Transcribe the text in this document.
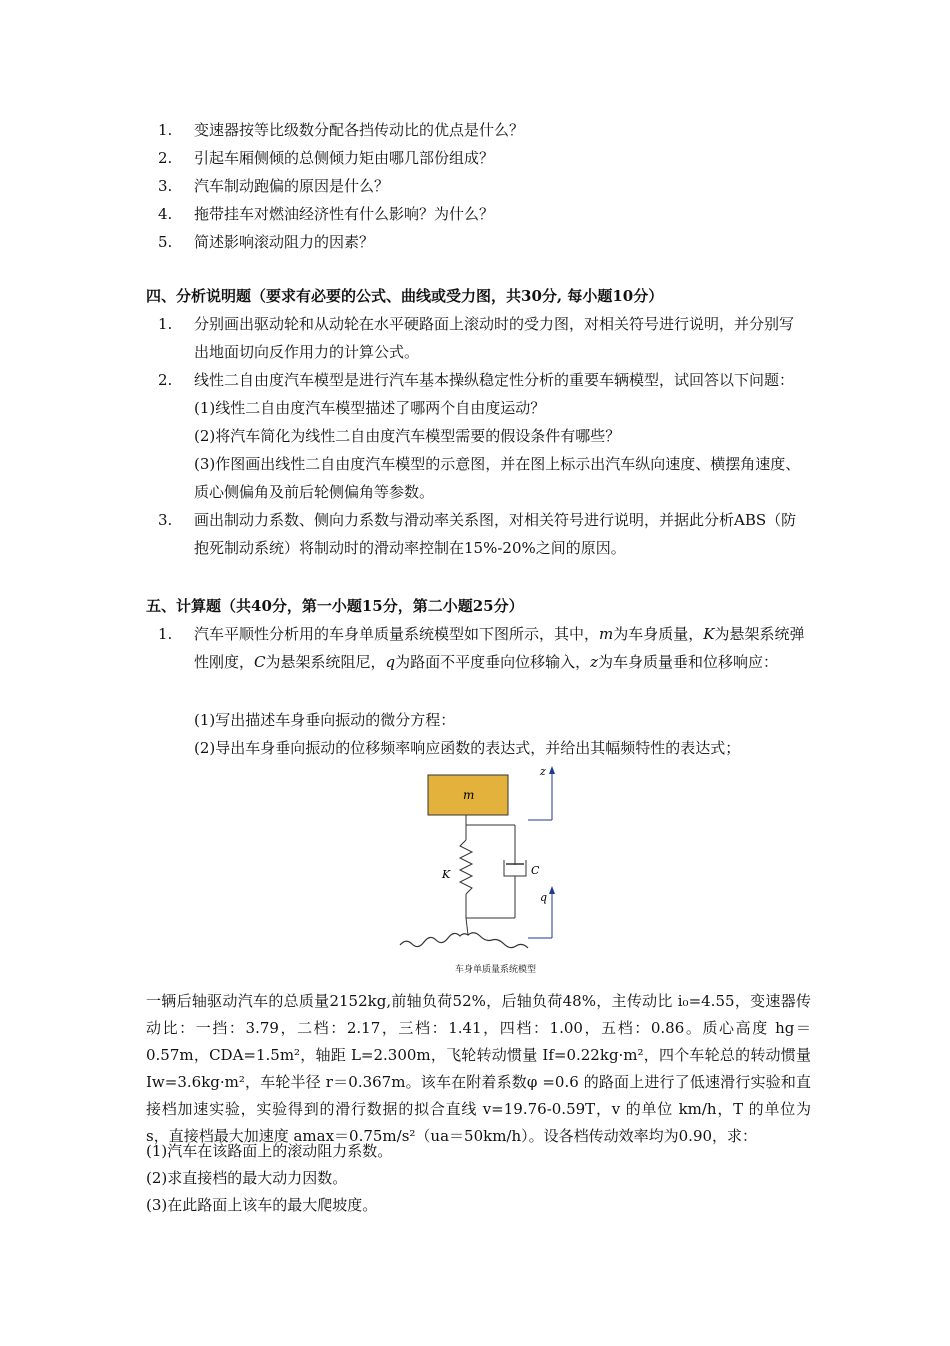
1.	变速器按等比级数分配各挡传动比的优点是什么？
2.	引起车厢侧倾的总侧倾力矩由哪几部份组成？
3.	汽车制动跑偏的原因是什么？
4.	拖带挂车对燃油经济性有什么影响？为什么？
5.	简述影响滚动阻力的因素？
四、分析说明题（要求有必要的公式、曲线或受力图，共30分, 每小题10分）
1.	分别画出驱动轮和从动轮在水平硬路面上滚动时的受力图，对相关符号进行说明，并分别写出地面切向反作用力的计算公式。
2.	线性二自由度汽车模型是进行汽车基本操纵稳定性分析的重要车辆模型，试回答以下问题：(1)线性二自由度汽车模型描述了哪两个自由度运动？
(2)将汽车简化为线性二自由度汽车模型需要的假设条件有哪些？
(3)作图画出线性二自由度汽车模型的示意图，并在图上标示出汽车纵向速度、横摆角速度、质心侧偏角及前后轮侧偏角等参数。
3.	画出制动力系数、侧向力系数与滑动率关系图，对相关符号进行说明，并据此分析ABS（防抱死制动系统）将制动时的滑动率控制在15%-20%之间的原因。
五、计算题（共40分，第一小题15分，第二小题25分）
1.	汽车平顺性分析用的车身单质量系统模型如下图所示，其中，m为车身质量，K为悬架系统弹性刚度，C为悬架系统阻尼，q为路面不平度垂向位移输入，z为车身质量垂和位移响应：
(1)写出描述车身垂向振动的微分方程：
(2)导出车身垂向振动的位移频率响应函数的表达式，并给出其幅频特性的表达式；
m
K	C
z
q
车身单质量系统模型
一辆后轴驱动汽车的总质量2152kg,前轴负荷52%，后轴负荷48%，主传动比 i₀=4.55，变速器传动比：一挡：3.79，二档：2.17，三档：1.41，四档：1.00，五档：0.86。质心高度 hg＝0.57m，CDA=1.5m²，轴距 L=2.300m，飞轮转动惯量 If=0.22kg·m²，四个车轮总的转动惯量 Iw=3.6kg·m²，车轮半径 r＝0.367m。该车在附着系数φ =0.6 的路面上进行了低速滑行实验和直接档加速实验，实验得到的滑行数据的拟合直线 v=19.76-0.59T，v 的单位 km/h，T 的单位为 s，直接档最大加速度 amax＝0.75m/s²（ua＝50km/h）。设各档传动效率均为0.90，求：
(1)汽车在该路面上的滚动阻力系数。
(2)求直接档的最大动力因数。
(3)在此路面上该车的最大爬坡度。
